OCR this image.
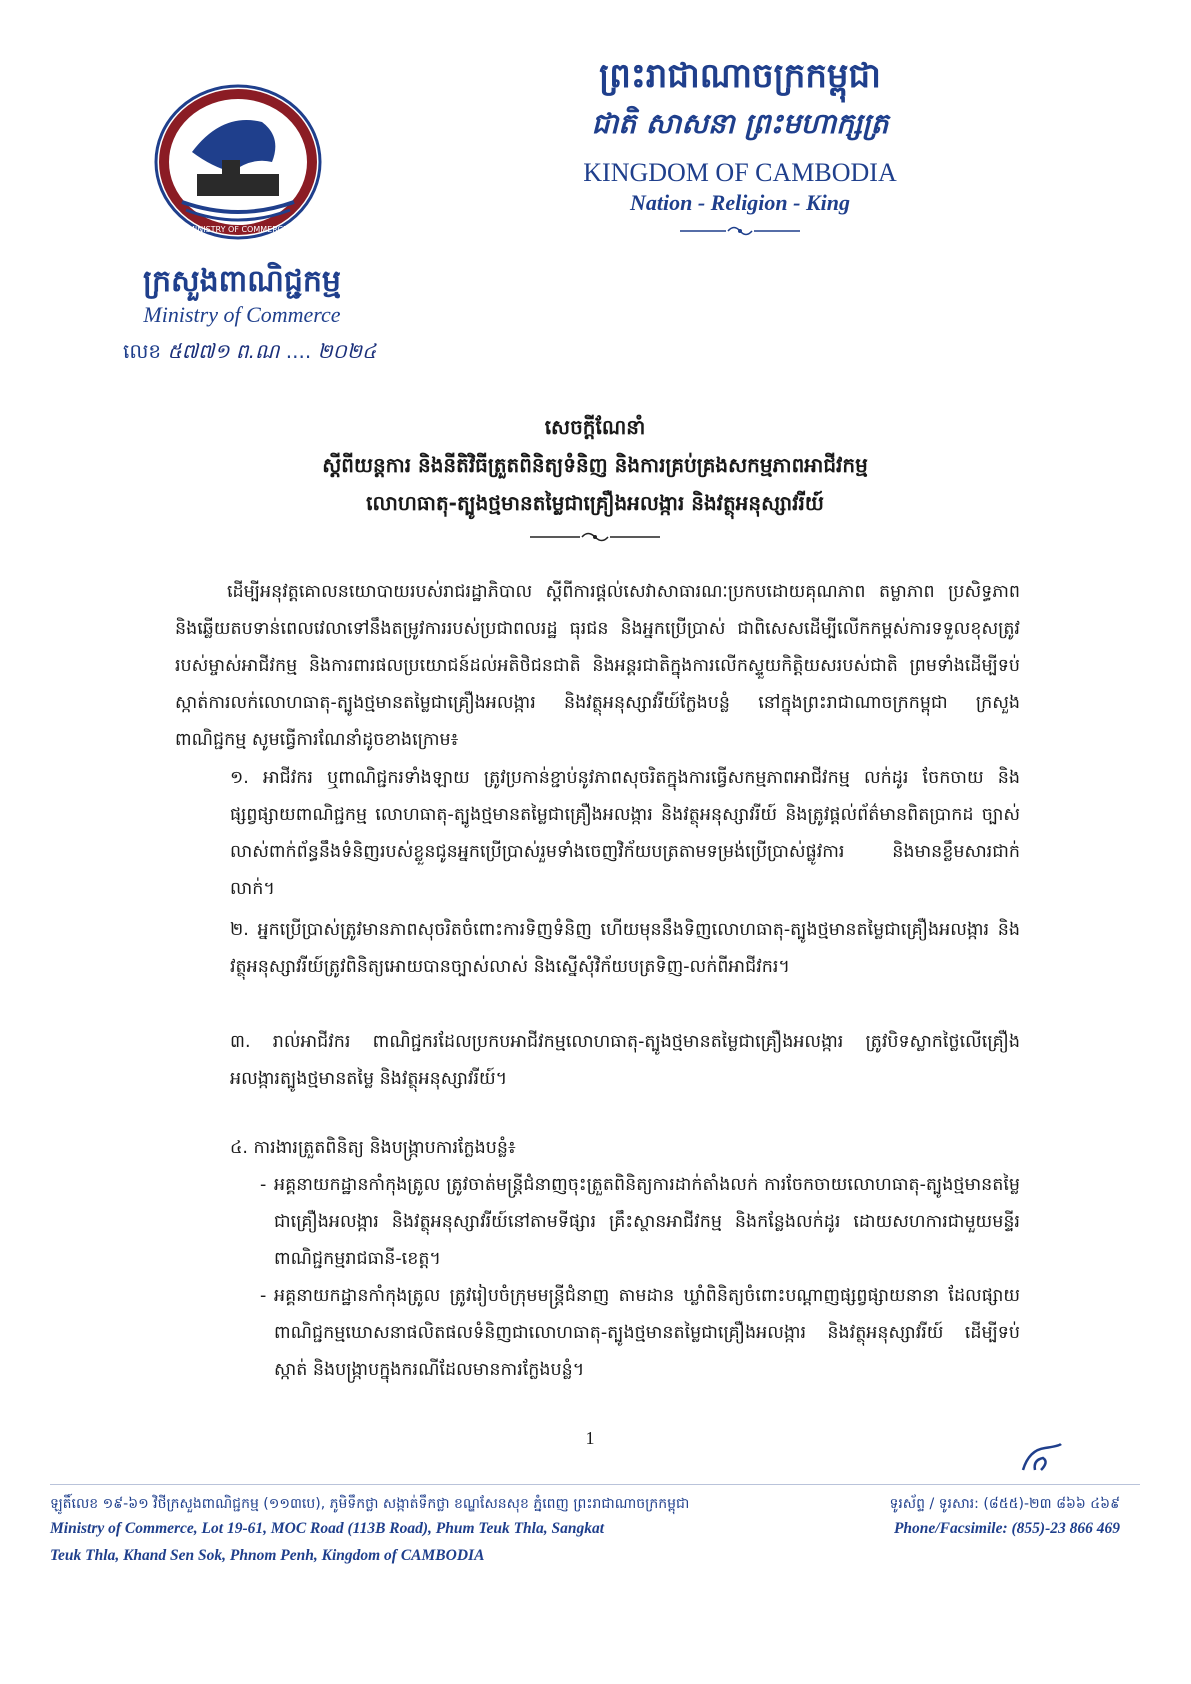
MINISTRY OF COMMERCE
ក្រសួងពាណិជ្ជកម្ម
Ministry of Commerce
លេខ ៥៧៧១ ព.ណ .... ២០២៤
ព្រះរាជាណាចក្រកម្ពុជា
ជាតិ សាសនា ព្រះមហាក្សត្រ
KINGDOM OF CAMBODIA
Nation - Religion - King
សេចក្តីណែនាំ
ស្តីពីយន្តការ និងនីតិវិធីត្រួតពិនិត្យទំនិញ និងការគ្រប់គ្រងសកម្មភាពអាជីវកម្ម
លោហធាតុ-ត្បូងថ្មមានតម្លៃជាគ្រឿងអលង្ការ និងវត្ថុអនុស្សាវរីយ៍
ដើម្បីអនុវត្តគោលនយោបាយរបស់រាជរដ្ឋាភិបាល ស្តីពីការផ្តល់សេវាសាធារណៈប្រកបដោយគុណភាព តម្លាភាព ប្រសិទ្ធភាព និងឆ្លើយតបទាន់ពេលវេលាទៅនឹងតម្រូវការរបស់ប្រជាពលរដ្ឋ ធុរជន និងអ្នកប្រើប្រាស់ ជាពិសេសដើម្បីលើកកម្ពស់ការទទួលខុសត្រូវរបស់ម្ចាស់អាជីវកម្ម និងការពារផលប្រយោជន៍ដល់អតិថិជនជាតិ និងអន្តរជាតិក្នុងការលើកស្ទួយកិត្តិយសរបស់ជាតិ ព្រមទាំងដើម្បីទប់ស្កាត់ការលក់លោហធាតុ-ត្បូងថ្មមានតម្លៃជាគ្រឿងអលង្ការ និងវត្ថុអនុស្សាវរីយ៍ក្លែងបន្លំ នៅក្នុងព្រះរាជាណាចក្រកម្ពុជា ក្រសួងពាណិជ្ជកម្ម សូមធ្វើការណែនាំដូចខាងក្រោម៖
១. អាជីវករ ឬពាណិជ្ជករទាំងឡាយ ត្រូវប្រកាន់ខ្ជាប់នូវភាពសុចរិតក្នុងការធ្វើសកម្មភាពអាជីវកម្ម លក់ដូរ ចែកចាយ និងផ្សព្វផ្សាយពាណិជ្ជកម្ម លោហធាតុ-ត្បូងថ្មមានតម្លៃជាគ្រឿងអលង្ការ និងវត្ថុអនុស្សាវរីយ៍ និងត្រូវផ្តល់ព័ត៌មានពិតប្រាកដ ច្បាស់លាស់ពាក់ព័ន្ធនឹងទំនិញរបស់ខ្លួនជូនអ្នកប្រើប្រាស់រួមទាំងចេញវិក័យបត្រតាមទម្រង់ប្រើប្រាស់ផ្លូវការ និងមានខ្លឹមសារជាក់លាក់។
២. អ្នកប្រើប្រាស់ត្រូវមានភាពសុចរិតចំពោះការទិញទំនិញ ហើយមុននឹងទិញលោហធាតុ-ត្បូងថ្មមានតម្លៃជាគ្រឿងអលង្ការ និងវត្ថុអនុស្សាវរីយ៍ត្រូវពិនិត្យអោយបានច្បាស់លាស់ និងស្នើសុំវិក័យបត្រទិញ-លក់ពីអាជីវករ។
៣. រាល់អាជីវករ ពាណិជ្ជករដែលប្រកបអាជីវកម្មលោហធាតុ-ត្បូងថ្មមានតម្លៃជាគ្រឿងអលង្ការ ត្រូវបិទស្លាកថ្លៃលើគ្រឿងអលង្ការត្បូងថ្មមានតម្លៃ និងវត្ថុអនុស្សាវរីយ៍។
៤. ការងារត្រួតពិនិត្យ និងបង្ក្រាបការក្លែងបន្លំ៖
- អគ្គនាយកដ្ឋានកាំកុងត្រូល ត្រូវចាត់មន្ត្រីជំនាញចុះត្រួតពិនិត្យការដាក់តាំងលក់ ការចែកចាយលោហធាតុ-ត្បូងថ្មមានតម្លៃជាគ្រឿងអលង្ការ និងវត្ថុអនុស្សាវរីយ៍នៅតាមទីផ្សារ គ្រឹះស្ថានអាជីវកម្ម និងកន្លែងលក់ដូរ ដោយសហការជាមួយមន្ទីរពាណិជ្ជកម្មរាជធានី-ខេត្ត។
- អគ្គនាយកដ្ឋានកាំកុងត្រូល ត្រូវរៀបចំក្រុមមន្ត្រីជំនាញ តាមដាន ឃ្លាំពិនិត្យចំពោះបណ្តាញផ្សព្វផ្សាយនានា ដែលផ្សាយពាណិជ្ជកម្មឃោសនាផលិតផលទំនិញជាលោហធាតុ-ត្បូងថ្មមានតម្លៃជាគ្រឿងអលង្ការ និងវត្ថុអនុស្សាវរីយ៍ ដើម្បីទប់ស្កាត់ និងបង្ក្រាបក្នុងករណីដែលមានការក្លែងបន្លំ។
1
ឡូតិ៍លេខ ១៩-៦១ វិថីក្រសួងពាណិជ្ជកម្ម (១១៣បេ), ភូមិទឹកថ្លា សង្កាត់ទឹកថ្លា ខណ្ឌសែនសុខ ភ្នំពេញ ព្រះរាជាណាចក្រកម្ពុជា
Ministry of Commerce, Lot 19-61, MOC Road (113B Road), Phum Teuk Thla, Sangkat
Teuk Thla, Khand Sen Sok, Phnom Penh, Kingdom of CAMBODIA
ទូរស័ព្ទ / ទូរសារ: (៨៥៥)-២៣ ៨៦៦ ៤៦៩
Phone/Facsimile: (855)-23 866 469
